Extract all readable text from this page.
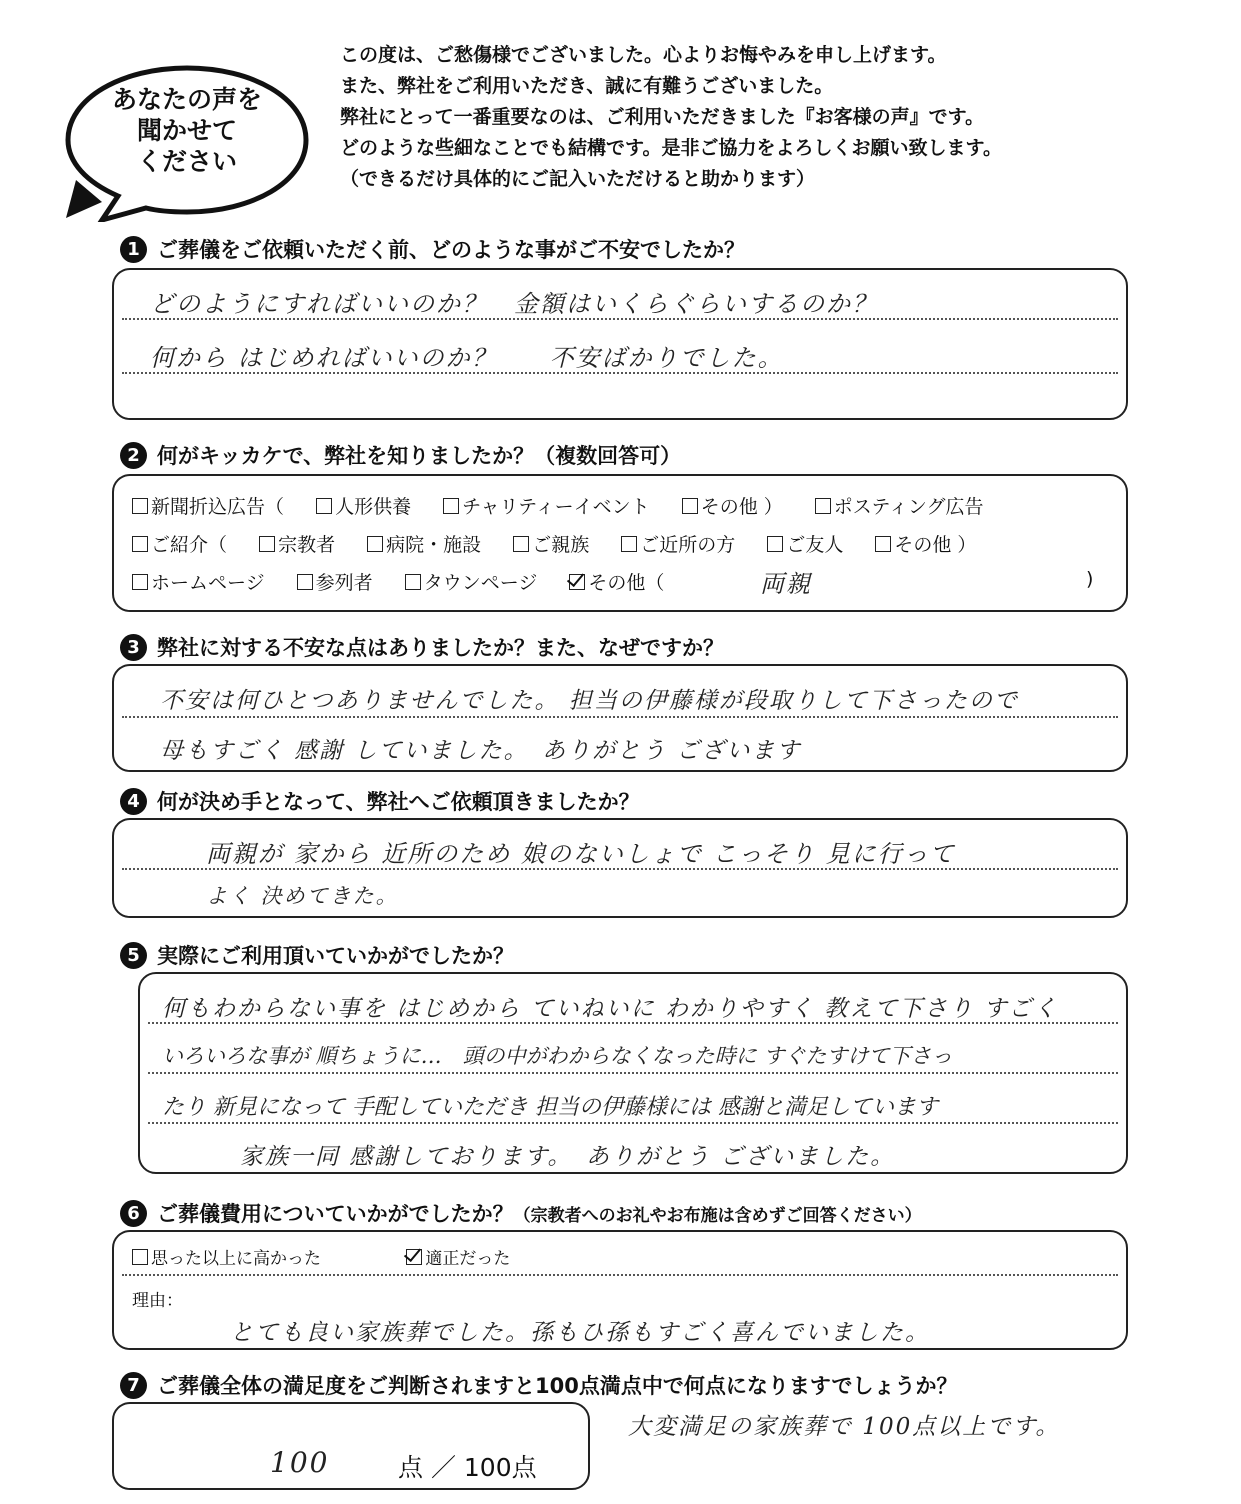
あなたの声を
聞かせて
ください
この度は、ご愁傷様でございました。心よりお悔やみを申し上げます。
また、弊社をご利用いただき、誠に有難うございました。
弊社にとって一番重要なのは、ご利用いただきました『お客様の声』です。
どのような些細なことでも結構です。是非ご協力をよろしくお願い致します。
（できるだけ具体的にご記入いただけると助かります）
1 ご葬儀をご依頼いただく前、どのような事がご不安でしたか？
どのようにすればいいのか？　金額はいくらぐらいするのか？
何から はじめればいいのか？　　不安ばかりでした。
2 何がキッカケで、弊社を知りましたか？（複数回答可）
新聞折込広告（	人形供養	チャリティーイベント	その他 ）	ポスティング広告
ご紹介（	宗教者	病院・施設	ご親族	ご近所の方	ご友人	その他 ）
ホームページ	参列者	タウンページ	その他（	両親	)
3 弊社に対する不安な点はありましたか？また、なぜですか？
不安は何ひとつありませんでした。 担当の伊藤様が段取りして下さったので
母もすごく 感謝 していました。　ありがとう ございます
4 何が決め手となって、弊社へご依頼頂きましたか？
両親が 家から 近所のため 娘のないしょで こっそり 見に行って
よく 決めてきた。
5 実際にご利用頂いていかがでしたか？
何もわからない事を はじめから ていねいに わかりやすく 教えて下さり すごく
いろいろな事が 順ちょうに…　頭の中がわからなくなった時に すぐたすけて下さっ
たり 新見になって 手配していただき 担当の伊藤様には 感謝と満足しています
家族一同 感謝しております。　ありがとう ございました。
6 ご葬儀費用についていかがでしたか？ （宗教者へのお礼やお布施は含めずご回答ください）
思った以上に高かった	適正だった
理由：
とても良い家族葬でした。孫もひ孫もすごく喜んでいました。
7 ご葬儀全体の満足度をご判断されますと100点満点中で何点になりますでしょうか？
100	点 ／ 100点
大変満足の家族葬で 100点以上です。
